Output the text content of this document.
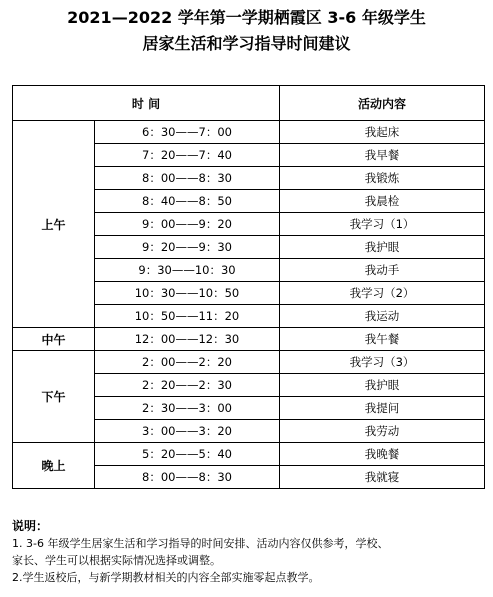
2021—2022 学年第一学期栖霞区 3-6 年级学生
居家生活和学习指导时间建议
时 间		活动内容
上午	6：30——7：00	我起床
	7：20——7：40	我早餐
	8：00——8：30	我锻炼
	8：40——8：50	我晨检
	9：00——9：20	我学习（1）
	9：20——9：30	我护眼
	9：30——10：30	我动手
	10：30——10：50	我学习（2）
	10：50——11：20	我运动
中午	12：00——12：30	我午餐
下午	2：00——2：20	我学习（3）
	2：20——2：30	我护眼
	2：30——3：00	我提问
	3：00——3：20	我劳动
晚上	5：20——5：40	我晚餐
	8：00——8：30	我就寝
说明：
1. 3-6 年级学生居家生活和学习指导的时间安排、活动内容仅供参考，学校、
家长、学生可以根据实际情况选择或调整。
2.学生返校后，与新学期教材相关的内容全部实施零起点教学。
